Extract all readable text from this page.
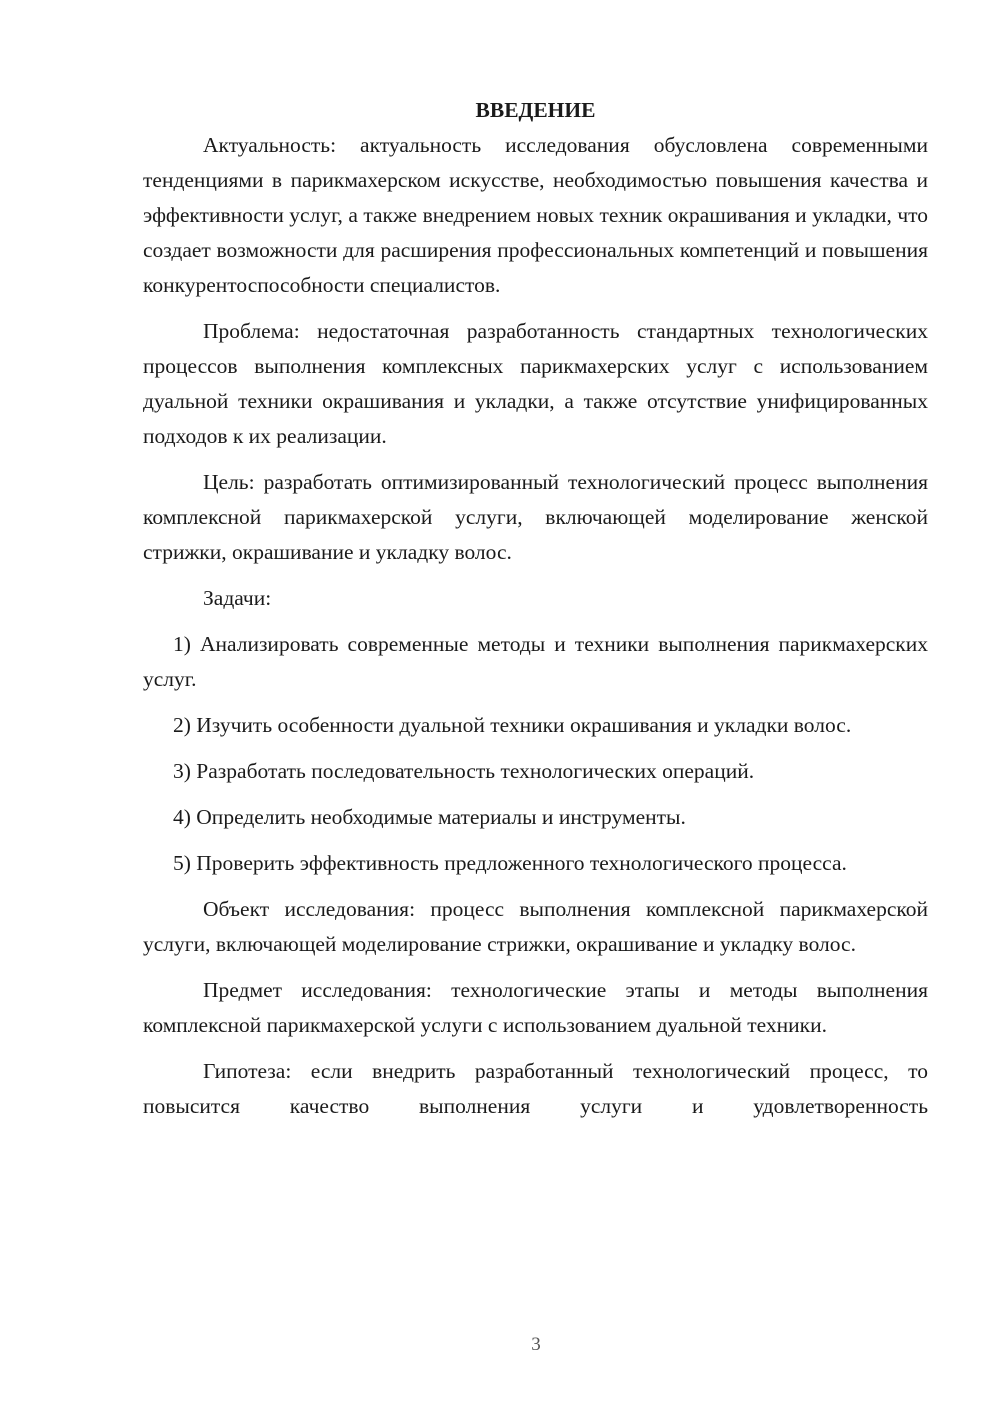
ВВЕДЕНИЕ

Актуальность: актуальность исследования обусловлена современными тенденциями в парикмахерском искусстве, необходимостью повышения качества и эффективности услуг, а также внедрением новых техник окрашивания и укладки, что создает возможности для расширения профессиональных компетенций и повышения конкурентоспособности специалистов.

Проблема: недостаточная разработанность стандартных технологических процессов выполнения комплексных парикмахерских услуг с использованием дуальной техники окрашивания и укладки, а также отсутствие унифицированных подходов к их реализации.

Цель: разработать оптимизированный технологический процесс выполнения комплексной парикмахерской услуги, включающей моделирование женской стрижки, окрашивание и укладку волос.

Задачи:

1) Анализировать современные методы и техники выполнения парикмахерских услуг.

2) Изучить особенности дуальной техники окрашивания и укладки волос.

3) Разработать последовательность технологических операций.

4) Определить необходимые материалы и инструменты.

5) Проверить эффективность предложенного технологического процесса.

Объект исследования: процесс выполнения комплексной парикмахерской услуги, включающей моделирование стрижки, окрашивание и укладку волос.

Предмет исследования: технологические этапы и методы выполнения комплексной парикмахерской услуги с использованием дуальной техники.

Гипотеза: если внедрить разработанный технологический процесс, то повысится качество выполнения услуги и удовлетворенность

3
